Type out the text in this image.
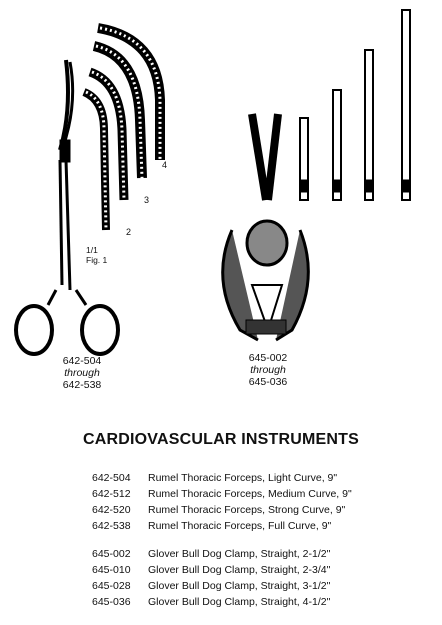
4
3
2
1/1
Fig. 1
642-504
through
642-538
645-002
through
645-036
CARDIOVASCULAR INSTRUMENTS
642-504	Rumel Thoracic Forceps, Light Curve, 9"
642-512	Rumel Thoracic Forceps, Medium Curve, 9"
642-520	Rumel Thoracic Forceps, Strong Curve, 9"
642-538	Rumel Thoracic Forceps, Full Curve, 9"
645-002	Glover Bull Dog Clamp, Straight, 2-1/2"
645-010	Glover Bull Dog Clamp, Straight, 2-3/4"
645-028	Glover Bull Dog Clamp, Straight, 3-1/2"
645-036	Glover Bull Dog Clamp, Straight, 4-1/2"
